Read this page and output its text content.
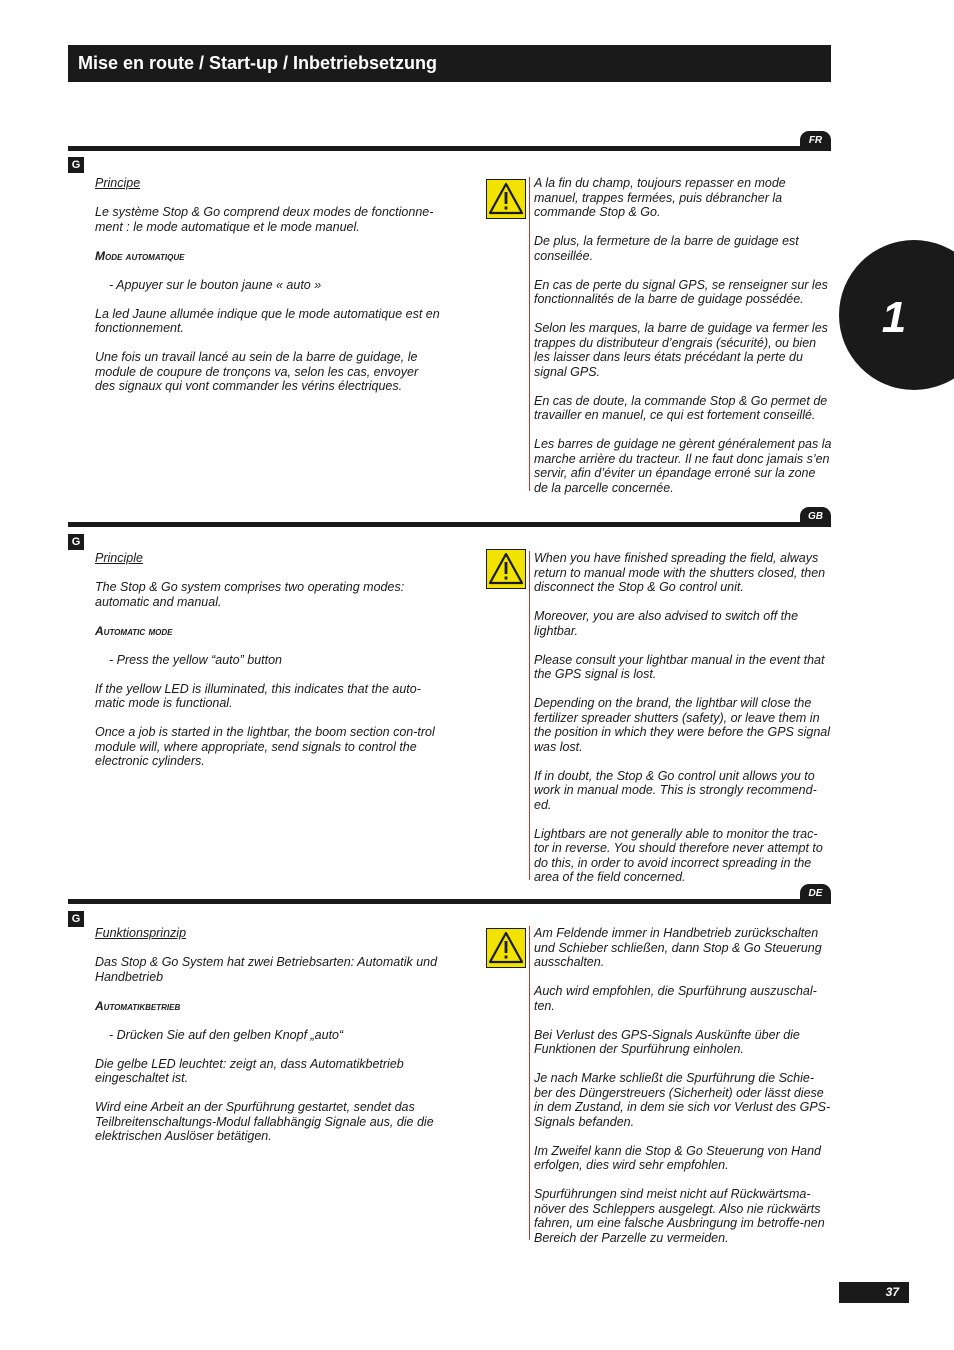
Mise en route / Start-up / Inbetriebsetzung
1
FR
G

Principe

Le système Stop & Go comprend deux modes de fonctionne-ment : le mode automatique et le mode manuel.

Mode automatique

- Appuyer sur le bouton jaune « auto »

La led Jaune allumée indique que le mode automatique est en fonctionnement.

Une fois un travail lancé au sein de la barre de guidage, le module de coupure de tronçons va, selon les cas, envoyer des signaux qui vont commander les vérins électriques.

A la fin du champ, toujours repasser en mode manuel, trappes fermées, puis débrancher la commande Stop & Go.

De plus, la fermeture de la barre de guidage est conseillée.

En cas de perte du signal GPS, se renseigner sur les fonctionnalités de la barre de guidage possédée.

Selon les marques, la barre de guidage va fermer les trappes du distributeur d’engrais (sécurité), ou bien les laisser dans leurs états précédant la perte du signal GPS.

En cas de doute, la commande Stop & Go permet de travailler en manuel, ce qui est fortement conseillé.

Les barres de guidage ne gèrent généralement pas la marche arrière du tracteur. Il ne faut donc jamais s’en servir, afin d’éviter un épandage erroné sur la zone de la parcelle concernée.

GB
G

Principle

The Stop & Go system comprises two operating modes: automatic and manual.

Automatic mode

- Press the yellow “auto” button

If the yellow LED is illuminated, this indicates that the auto-matic mode is functional.

Once a job is started in the lightbar, the boom section con-trol module will, where appropriate, send signals to control the electronic cylinders.

When you have finished spreading the field, always return to manual mode with the shutters closed, then disconnect the Stop & Go control unit.

Moreover, you are also advised to switch off the lightbar.

Please consult your lightbar manual in the event that the GPS signal is lost.

Depending on the brand, the lightbar will close the fertilizer spreader shutters (safety), or leave them in the position in which they were before the GPS signal was lost.

If in doubt, the Stop & Go control unit allows you to work in manual mode. This is strongly recommend-ed.

Lightbars are not generally able to monitor the trac-tor in reverse. You should therefore never attempt to do this, in order to avoid incorrect spreading in the area of the field concerned.

DE
G

Funktionsprinzip

Das Stop & Go System hat zwei Betriebsarten: Automatik und Handbetrieb

Automatikbetrieb

- Drücken Sie auf den gelben Knopf „auto“

Die gelbe LED leuchtet: zeigt an, dass Automatikbetrieb eingeschaltet ist.

Wird eine Arbeit an der Spurführung gestartet, sendet das Teilbreitenschaltungs-Modul fallabhängig Signale aus, die die elektrischen Auslöser betätigen.

Am Feldende immer in Handbetrieb zurückschalten und Schieber schließen, dann Stop & Go Steuerung ausschalten.

Auch wird empfohlen, die Spurführung auszuschal-ten.

Bei Verlust des GPS-Signals Auskünfte über die Funktionen der Spurführung einholen.

Je nach Marke schließt die Spurführung die Schie-ber des Düngerstreuers (Sicherheit) oder lässt diese in dem Zustand, in dem sie sich vor Verlust des GPS-Signals befanden.

Im Zweifel kann die Stop & Go Steuerung von Hand erfolgen, dies wird sehr empfohlen.

Spurführungen sind meist nicht auf Rückwärtsma-növer des Schleppers ausgelegt. Also nie rückwärts fahren, um eine falsche Ausbringung im betroffe-nen Bereich der Parzelle zu vermeiden.

37
